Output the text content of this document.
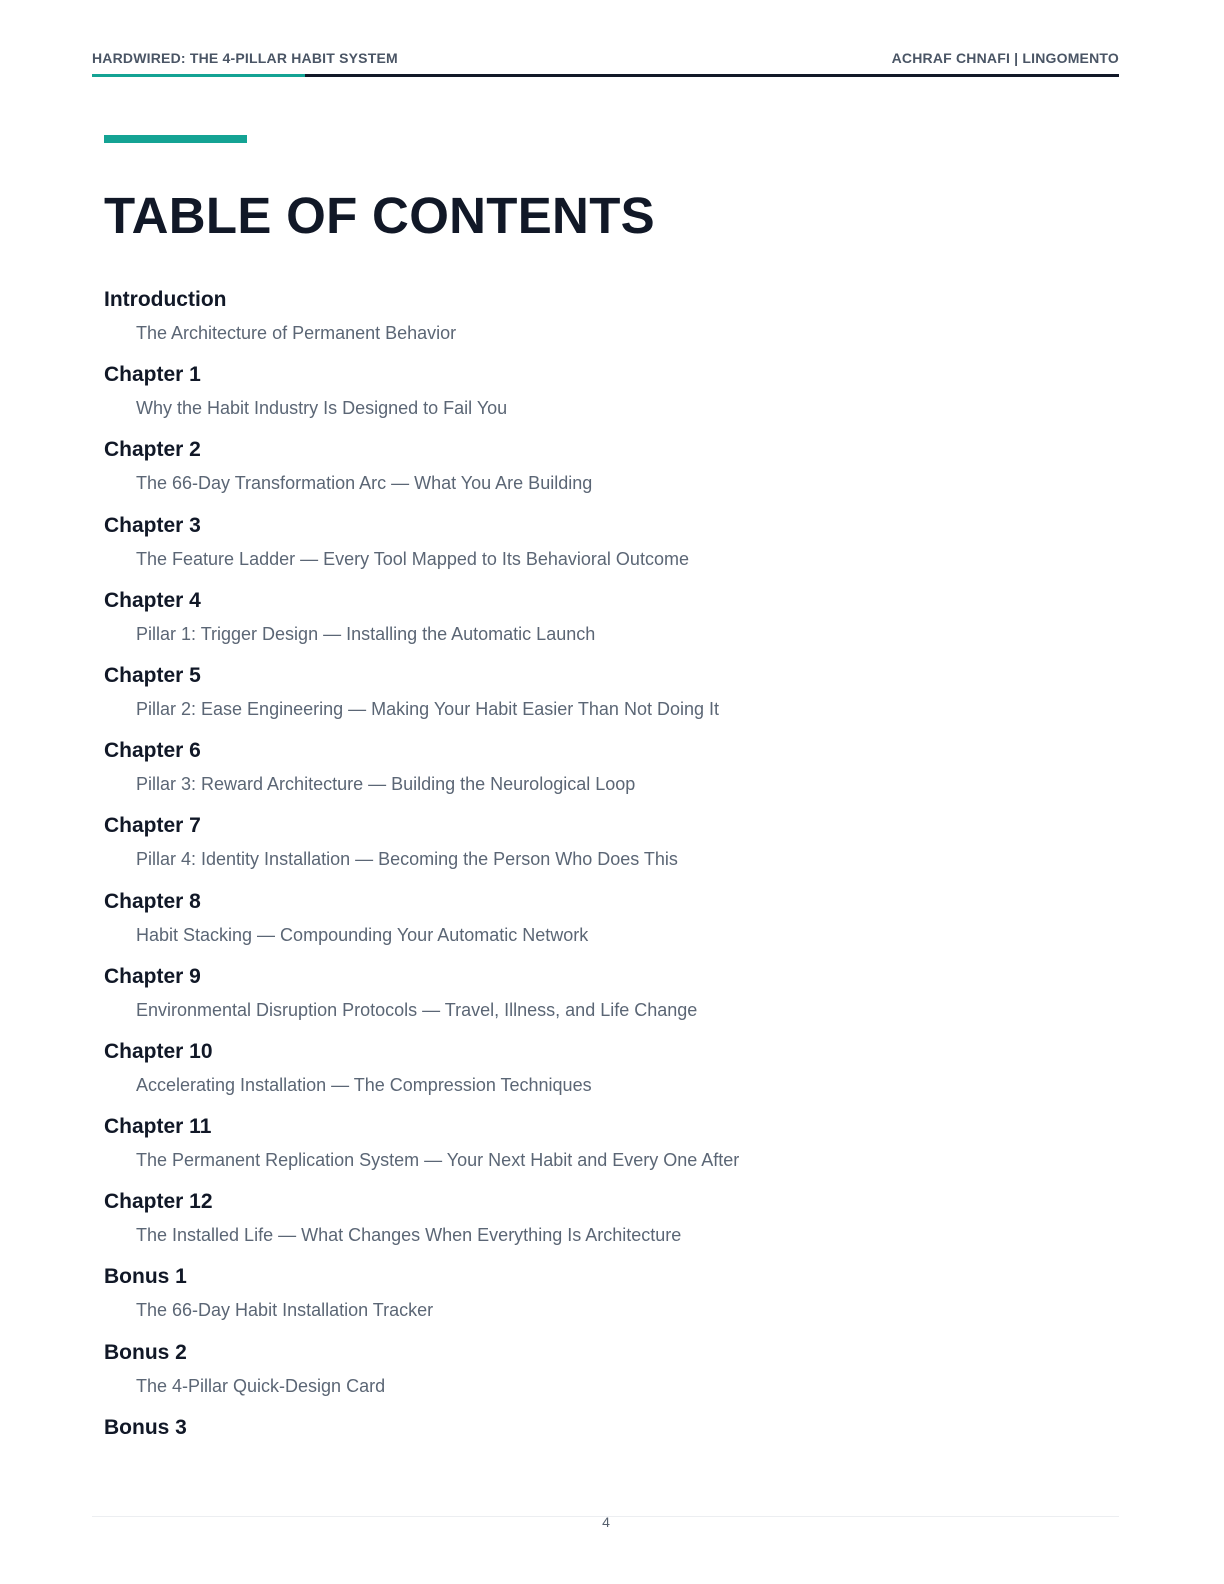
HARDWIRED: THE 4-PILLAR HABIT SYSTEM	ACHRAF CHNAFI | LINGOMENTO
TABLE OF CONTENTS
Introduction
The Architecture of Permanent Behavior
Chapter 1
Why the Habit Industry Is Designed to Fail You
Chapter 2
The 66-Day Transformation Arc — What You Are Building
Chapter 3
The Feature Ladder — Every Tool Mapped to Its Behavioral Outcome
Chapter 4
Pillar 1: Trigger Design — Installing the Automatic Launch
Chapter 5
Pillar 2: Ease Engineering — Making Your Habit Easier Than Not Doing It
Chapter 6
Pillar 3: Reward Architecture — Building the Neurological Loop
Chapter 7
Pillar 4: Identity Installation — Becoming the Person Who Does This
Chapter 8
Habit Stacking — Compounding Your Automatic Network
Chapter 9
Environmental Disruption Protocols — Travel, Illness, and Life Change
Chapter 10
Accelerating Installation — The Compression Techniques
Chapter 11
The Permanent Replication System — Your Next Habit and Every One After
Chapter 12
The Installed Life — What Changes When Everything Is Architecture
Bonus 1
The 66-Day Habit Installation Tracker
Bonus 2
The 4-Pillar Quick-Design Card
Bonus 3
4
